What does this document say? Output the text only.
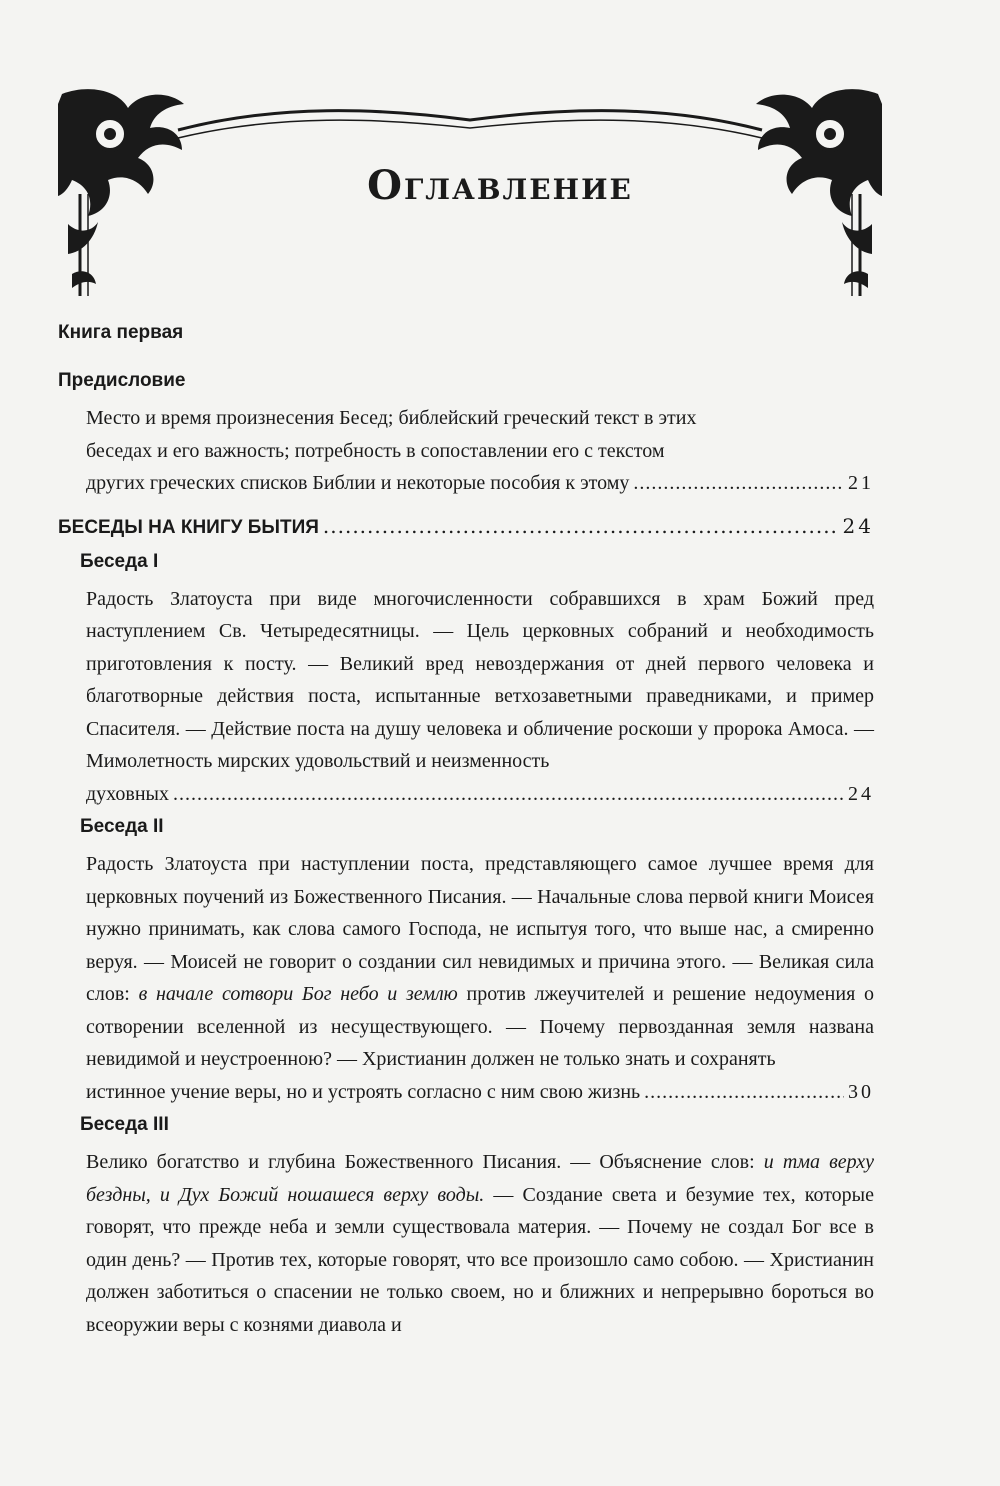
Оглавление
Книга первая
Предисловие

Место и время произнесения Бесед; библейский греческий текст в этих

беседах и его важность; потребность в сопоставлении его с текстом

других греческих списков Библии и некоторые пособия к этому .....	21
БЕСЕДЫ НА КНИГУ БЫТИЯ .....	24
Беседа I

Радость Златоуста при виде многочисленности собравшихся в храм Божий пред наступлением Св. Четыредесятницы. — Цель церковных собраний и необходимость приготовления к посту. — Великий вред невоздержания от дней первого человека и благотворные действия поста, испытанные ветхозаветными праведниками, и пример Спасителя. — Действие поста на душу человека и обличение роскоши у пророка Амоса. — Мимолетность мирских удовольствий и неизменность

духовных .....	24
Беседа II

Радость Златоуста при наступлении поста, представляющего самое лучшее время для церковных поучений из Божественного Писания. — Начальные слова первой книги Моисея нужно принимать, как слова самого Господа, не испытуя того, что выше нас, а смиренно веруя. — Моисей не говорит о создании сил невидимых и причина этого. — Великая сила слов: в начале сотвори Бог небо и землю против лжеучителей и решение недоумения о сотворении вселенной из несуществующего. — Почему первозданная земля названа невидимой и неустроенною? — Христианин должен не только знать и сохранять

истинное учение веры, но и устроять согласно с ним свою жизнь .....	30
Беседа III

Велико богатство и глубина Божественного Писания. — Объяснение слов: и тма верху бездны, и Дух Божий ношашеся верху воды. — Создание света и безумие тех, которые говорят, что прежде неба и земли существовала материя. — Почему не создал Бог все в один день? — Против тех, которые говорят, что все произошло само собою. — Христианин должен заботиться о спасении не только своем, но и ближних и непрерывно бороться во всеоружии веры с кознями диавола и
